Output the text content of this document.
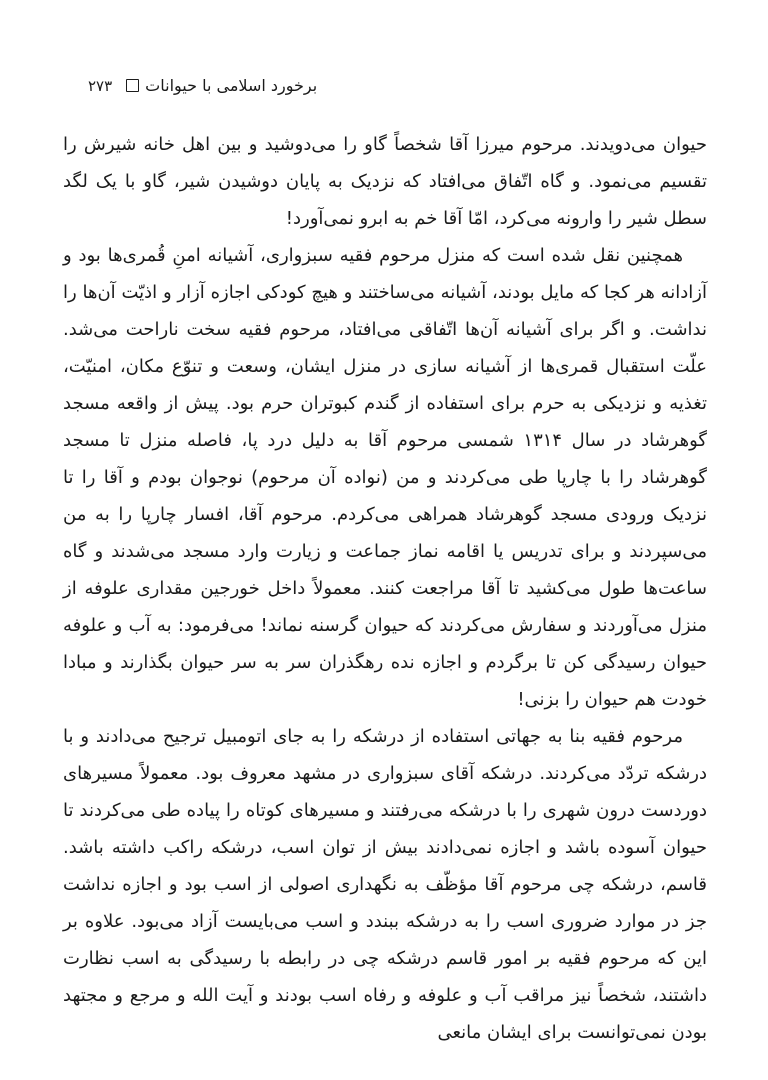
برخورد اسلامی با حیوانات۲۷۳

حیوان می‌دویدند. مرحوم میرزا آقا شخصاً گاو را می‌دوشید و بین اهل خانه شیرش را تقسیم می‌نمود. و گاه اتّفاق می‌افتاد که نزدیک به پایان دوشیدن شیر، گاو با یک لگد سطل شیر را وارونه می‌کرد، امّا آقا خم به ابرو نمی‌آورد!

همچنین نقل شده است که منزل مرحوم فقیه سبزواری، آشیانه امنِ قُمری‌ها بود و آزادانه هر کجا که مایل بودند، آشیانه می‌ساختند و هیچ کودکی اجازه آزار و اذیّت آن‌ها را نداشت. و اگر برای آشیانه آن‌ها اتّفاقی می‌افتاد، مرحوم فقیه سخت ناراحت می‌شد. علّت استقبال قمری‌ها از آشیانه سازی در منزل ایشان، وسعت و تنوّع مکان، امنیّت، تغذیه و نزدیکی به حرم برای استفاده از گندم کبوتران حرم بود. پیش از واقعه مسجد گوهرشاد در سال ۱۳۱۴ شمسی مرحوم آقا به دلیل درد پا، فاصله منزل تا مسجد گوهرشاد را با چارپا طی می‌کردند و من (نواده آن مرحوم) نوجوان بودم و آقا را تا نزدیک ورودی مسجد گوهرشاد همراهی می‌کردم. مرحوم آقا، افسار چارپا را به من می‌سپردند و برای تدریس یا اقامه نماز جماعت و زیارت وارد مسجد می‌شدند و گاه ساعت‌ها طول می‌کشید تا آقا مراجعت کنند. معمولاً داخل خورجین مقداری علوفه از منزل می‌آوردند و سفارش می‌کردند که حیوان گرسنه نماند! می‌فرمود: به آب و علوفه حیوان رسیدگی کن تا برگردم و اجازه نده رهگذران سر به سر حیوان بگذارند و مبادا خودت هم حیوان را بزنی!

مرحوم فقیه بنا به جهاتی استفاده از درشکه را به جای اتومبیل ترجیح می‌دادند و با درشکه تردّد می‌کردند. درشکه آقای سبزواری در مشهد معروف بود. معمولاً مسیرهای دوردست درون شهری را با درشکه می‌رفتند و مسیرهای کوتاه را پیاده طی می‌کردند تا حیوان آسوده باشد و اجازه نمی‌دادند بیش از توان اسب، درشکه راکب داشته باشد. قاسم، درشکه چی مرحوم آقا مؤظّف به نگهداری اصولی از اسب بود و اجازه نداشت جز در موارد ضروری اسب را به درشکه ببندد و اسب می‌بایست آزاد می‌بود. علاوه بر این که مرحوم فقیه بر امور قاسم درشکه چی در رابطه با رسیدگی به اسب نظارت داشتند، شخصاً نیز مراقب آب و علوفه و رفاه اسب بودند و آیت الله و مرجع و مجتهد بودن نمی‌توانست برای ایشان مانعی
